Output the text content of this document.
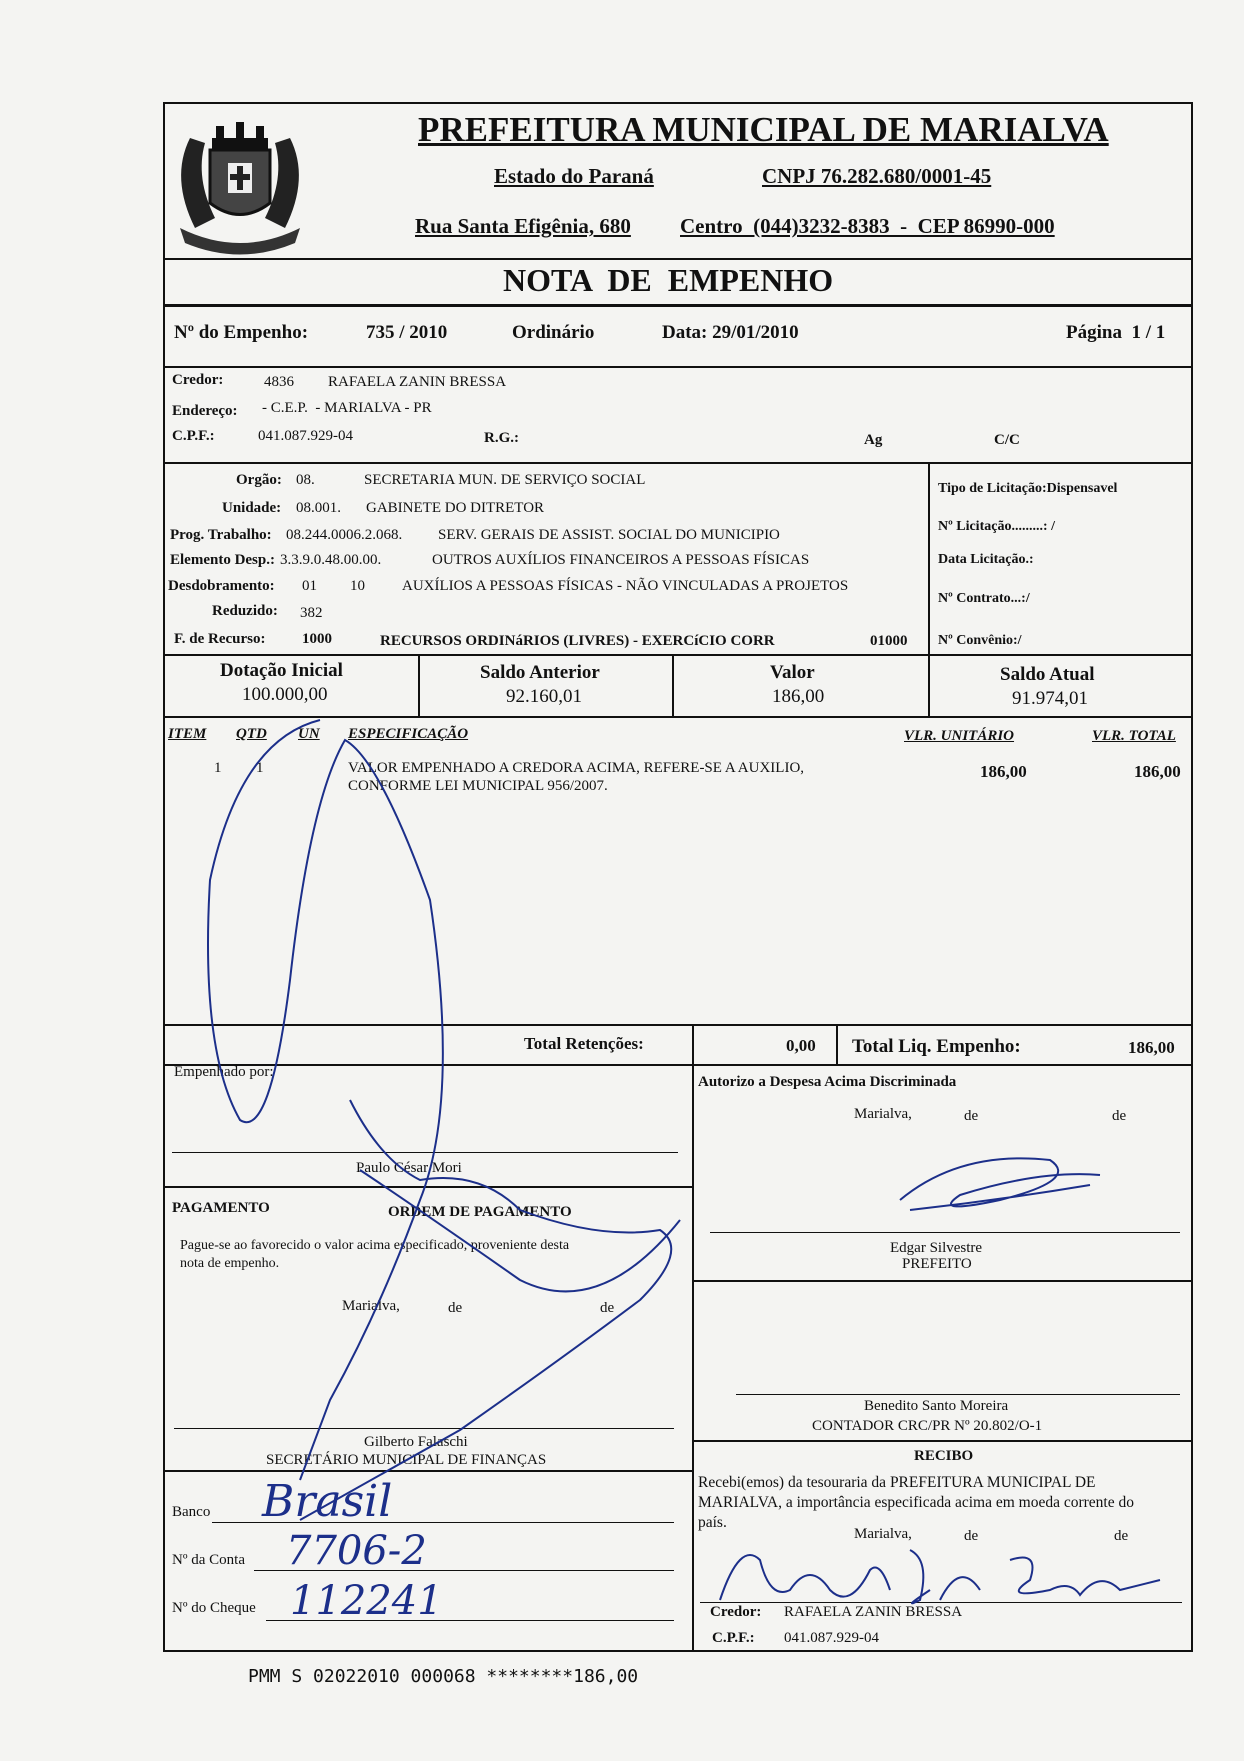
PREFEITURA MUNICIPAL DE MARIALVA
Estado do Paraná	CNPJ 76.282.680/0001-45
Rua Santa Efigênia, 680 Centro  (044)3232-8383  -  CEP 86990-000
NOTA  DE  EMPENHO
Nº do Empenho:	735 / 2010	Ordinário	Data: 29/01/2010	Página  1 / 1
Credor:	4836 RAFAELA ZANIN BRESSA
Endereço: - C.E.P.  - MARIALVA - PR
C.P.F.:	041.087.929-04	R.G.:	Ag	C/C
Orgão: 08.	SECRETARIA MUN. DE SERVIÇO SOCIAL
Unidade: 08.001. GABINETE DO DITRETOR
Prog. Trabalho: 08.244.0006.2.068. SERV. GERAIS DE ASSIST. SOCIAL DO MUNICIPIO
Elemento Desp.: 3.3.9.0.48.00.00.	OUTROS AUXÍLIOS FINANCEIROS A PESSOAS FÍSICAS
Desdobramento: 01 10 AUXÍLIOS A PESSOAS FÍSICAS - NÃO VINCULADAS A PROJETOS
Reduzido: 382
F. de Recurso: 1000	RECURSOS ORDINáRIOS (LIVRES) - EXERCíCIO CORR	01000
Tipo de Licitação:Dispensavel
Nº Licitação.........: /
Data Licitação.:
Nº Contrato...:/
Nº Convênio:/
Dotação Inicial
100.000,00
Saldo Anterior
92.160,01
Valor
186,00
Saldo Atual
91.974,01
ITEM QTD UN ESPECIFICAÇÃO	VLR. UNITÁRIO	VLR. TOTAL
1 1	VALOR EMPENHADO A CREDORA ACIMA, REFERE-SE A AUXILIO,
CONFORME LEI MUNICIPAL 956/2007.
186,00	186,00
Total Retenções:	0,00 Total Liq. Empenho:	186,00
Empenhado por:
Paulo César Mori
Autorizo a Despesa Acima Discriminada
Marialva,	de	de
Edgar Silvestre
PREFEITO
PAGAMENTO	ORDEM DE PAGAMENTO
Pague-se ao favorecido o valor acima especificado, proveniente desta
nota de empenho.
Marialva,	de	de
Gilberto Falaschi
SECRETÁRIO MUNICIPAL DE FINANÇAS
Benedito Santo Moreira
CONTADOR CRC/PR Nº 20.802/O-1
RECIBO
Recebi(emos) da tesouraria da PREFEITURA MUNICIPAL DE
MARIALVA, a importância especificada acima em moeda corrente do
país.
Marialva,	de	de
Credor: RAFAELA ZANIN BRESSA
C.P.F.: 041.087.929-04
Banco Brasil
Nº da Conta 7706-2
Nº do Cheque 112241
PMM S 02022010 000068 ********186,00
